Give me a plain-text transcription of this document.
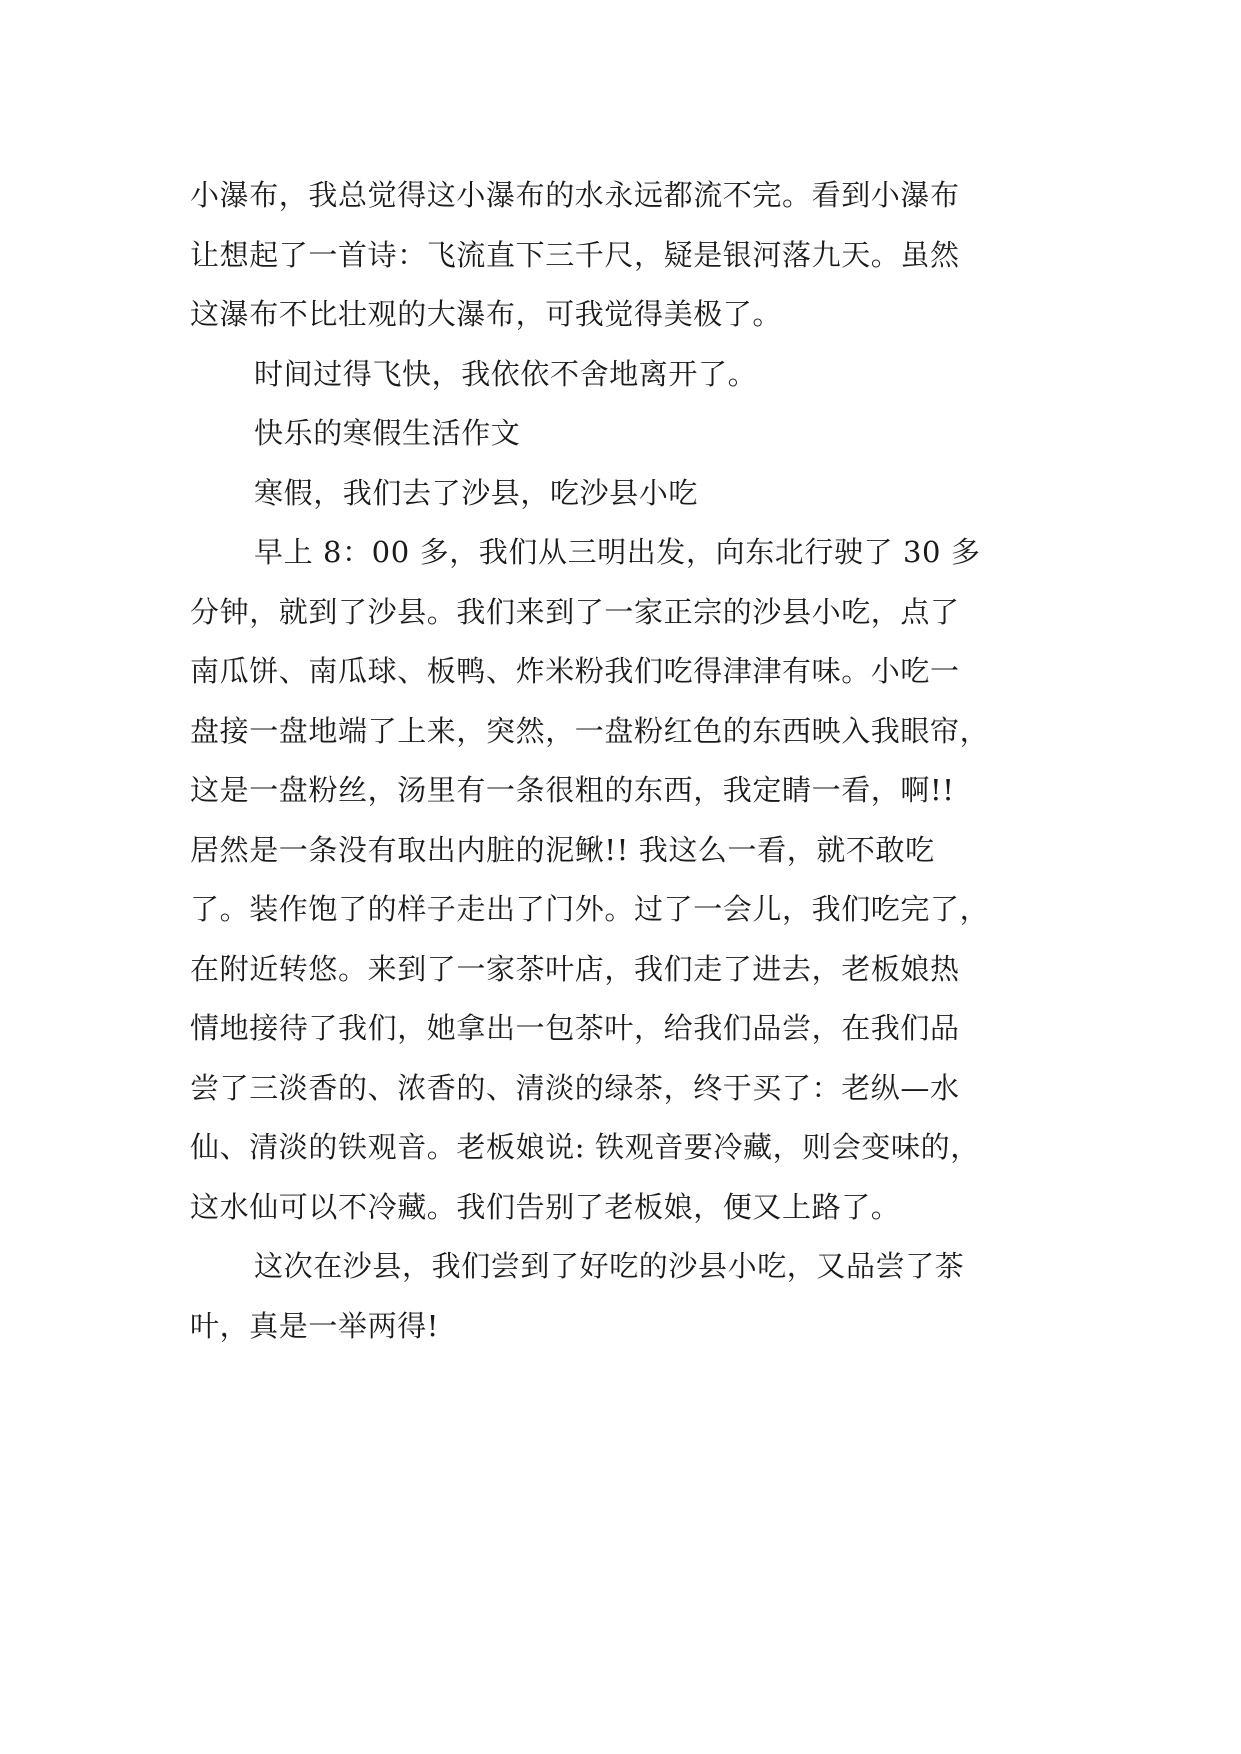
小瀑布，我总觉得这小瀑布的水永远都流不完。看到小瀑布
让想起了一首诗：飞流直下三千尺，疑是银河落九天。虽然
这瀑布不比壮观的大瀑布，可我觉得美极了。
时间过得飞快，我依依不舍地离开了。
快乐的寒假生活作文
寒假，我们去了沙县，吃沙县小吃
早上 8：00 多，我们从三明出发，向东北行驶了 30 多
分钟，就到了沙县。我们来到了一家正宗的沙县小吃，点了
南瓜饼、南瓜球、板鸭、炸米粉我们吃得津津有味。小吃一
盘接一盘地端了上来，突然，一盘粉红色的东西映入我眼帘，
这是一盘粉丝，汤里有一条很粗的东西，我定睛一看，啊!!
居然是一条没有取出内脏的泥鳅!! 我这么一看，就不敢吃
了。装作饱了的样子走出了门外。过了一会儿，我们吃完了，
在附近转悠。来到了一家茶叶店，我们走了进去，老板娘热
情地接待了我们，她拿出一包茶叶，给我们品尝，在我们品
尝了三淡香的、浓香的、清淡的绿茶，终于买了：老纵—水
仙、清淡的铁观音。老板娘说: 铁观音要冷藏，则会变味的，
这水仙可以不冷藏。我们告别了老板娘，便又上路了。
这次在沙县，我们尝到了好吃的沙县小吃，又品尝了茶
叶，真是一举两得!
